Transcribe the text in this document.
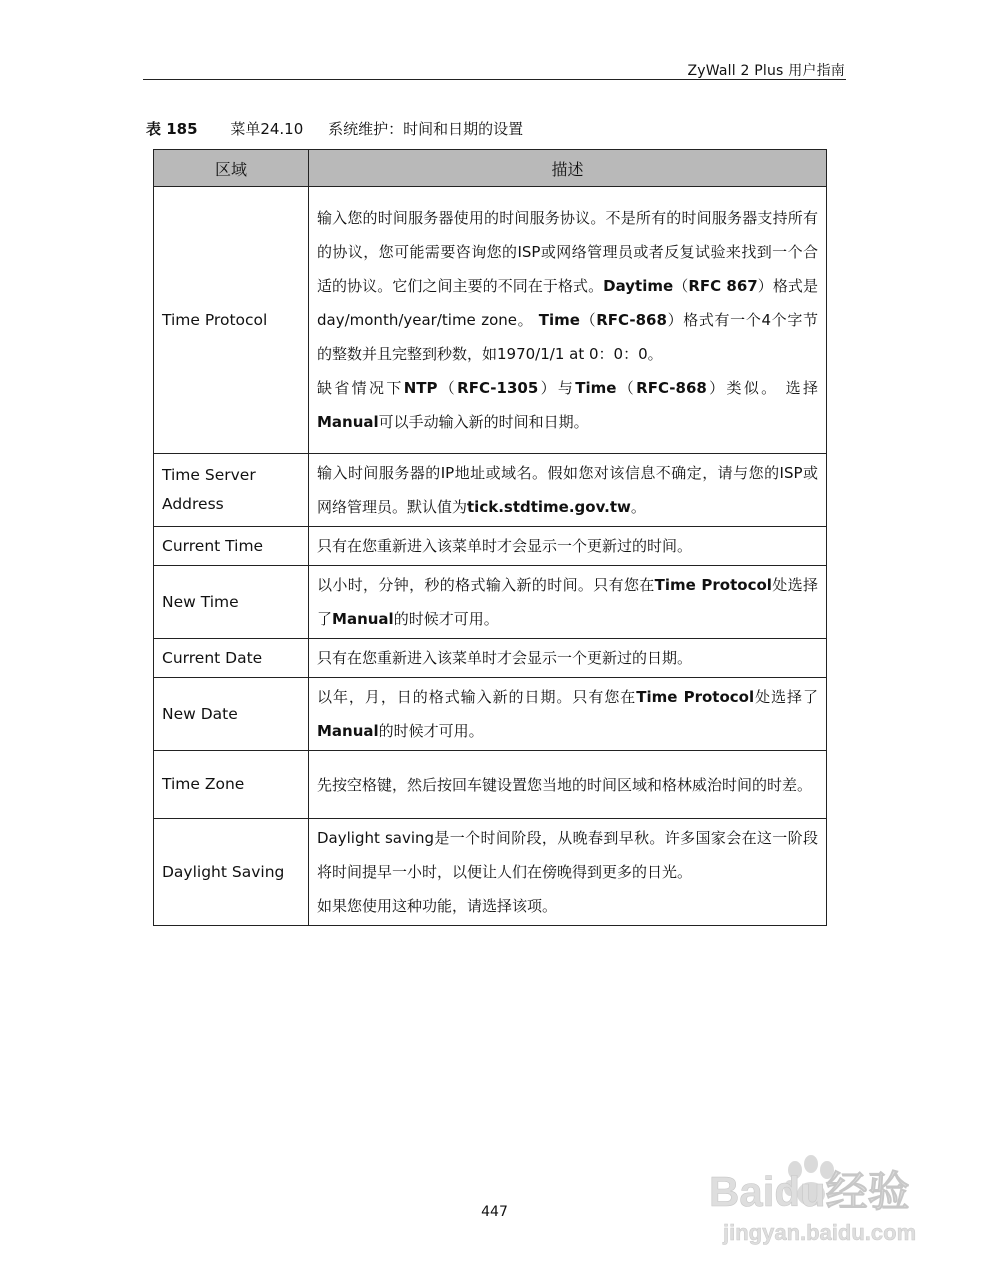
ZyWall 2 Plus 用户指南
表 185 菜单24.10 系统维护：时间和日期的设置
区域	描述
Time Protocol	输入您的时间服务器使用的时间服务协议。不是所有的时间服务器支持所有的协议，您可能需要咨询您的ISP或网络管理员或者反复试验来找到一个合适的协议。它们之间主要的不同在于格式。Daytime（RFC 867）格式是day/month/year/time zone。 Time（RFC-868）格式有一个4个字节的整数并且完整到秒数，如1970/1/1 at 0：0：0。
缺省情况下NTP（RFC-1305）与Time（RFC-868）类似。 选择Manual可以手动输入新的时间和日期。

Time Server Address	输入时间服务器的IP地址或域名。假如您对该信息不确定，请与您的ISP或网络管理员。默认值为tick.stdtime.gov.tw。

Current Time	只有在您重新进入该菜单时才会显示一个更新过的时间。

New Time	以小时，分钟，秒的格式输入新的时间。只有您在Time Protocol处选择了Manual的时候才可用。

Current Date	只有在您重新进入该菜单时才会显示一个更新过的日期。

New Date	以年，月，日的格式输入新的日期。只有您在Time Protocol处选择了Manual的时候才可用。

Time Zone	先按空格键，然后按回车键设置您当地的时间区域和格林威治时间的时差。

Daylight Saving	Daylight saving是一个时间阶段，从晚春到早秋。许多国家会在这一阶段将时间提早一小时，以便让人们在傍晚得到更多的日光。
如果您使用这种功能，请选择该项。
447	Baidu经验
jingyan.baidu.com
